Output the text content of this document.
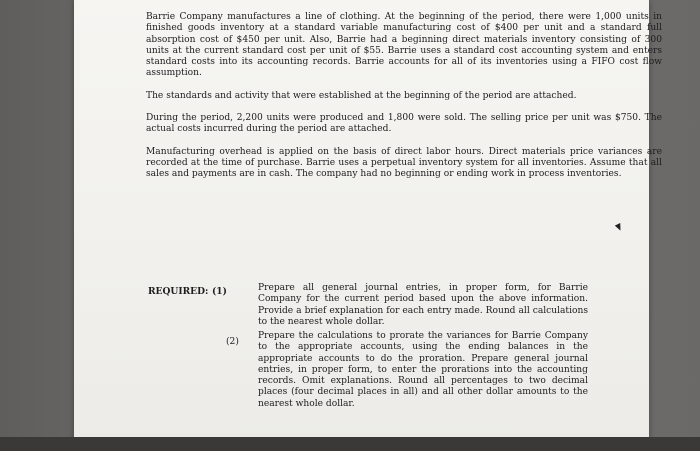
Barrie Company manufactures a line of clothing. At the beginning of the period, there were 1,000 units in finished goods inventory at a standard variable manufacturing cost of $400 per unit and a standard full absorption cost of $450 per unit. Also, Barrie had a beginning direct materials inventory consisting of 300 units at the current standard cost per unit of $55. Barrie uses a standard cost accounting system and enters standard costs into its accounting records. Barrie accounts for all of its inventories using a FIFO cost flow assumption.

The standards and activity that were established at the beginning of the period are attached.

During the period, 2,200 units were produced and 1,800 were sold. The selling price per unit was $750. The actual costs incurred during the period are attached.

Manufacturing overhead is applied on the basis of direct labor hours. Direct materials price variances are recorded at the time of purchase. Barrie uses a perpetual inventory system for all inventories. Assume that all sales and payments are in cash. The company had no beginning or ending work in process inventories.

REQUIRED: (1)	Prepare all general journal entries, in proper form, for Barrie Company for the current period based upon the above information. Provide a brief explanation for each entry made. Round all calculations to the nearest whole dollar.
(2)
Prepare the calculations to prorate the variances for Barrie Company to the appropriate accounts, using the ending balances in the appropriate accounts to do the proration. Prepare general journal entries, in proper form, to enter the prorations into the accounting records. Omit explanations. Round all percentages to two decimal places (four decimal places in all) and all other dollar amounts to the nearest whole dollar.
